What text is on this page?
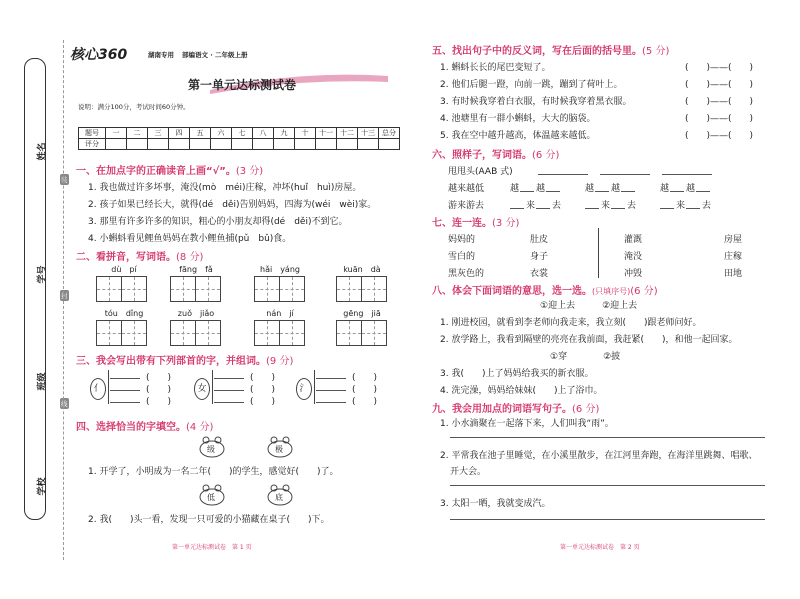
姓名
学号
班级
学校
装
封
线
核心360	湖南专用 部编语文 · 二年级上册
第一单元达标测试卷
说明：满分100分，考试时间60分钟。
题号	一	二	三	四	五	六	七	八	九	十	十一	十二	十三	总分
评分														
一、在加点字的正确读音上画“√”。(3 分)
1. 我也做过许多坏事，淹没(mò　méi)庄稼，冲坏(huǐ　huì)房屋。
2. 孩子如果已经长大，就得(dé　děi)告别妈妈，四海为(wéi　wèi)家。
3. 那里有许多许多的知识，粗心的小朋友却得(dé　děi)不到它。
4. 小蝌蚪看见鲤鱼妈妈在教小鲤鱼捕(pǔ　bǔ)食。
二、看拼音，写词语。(8 分)
dù　pí	fāng　fǎ	hǎi　yáng	kuān　dà
tóu　dǐng	zuǒ　jiǎo	nán　jí	gēng　jiā
三、我会写出带有下列部首的字，并组词。(9 分)
亻
(　　)
(　　)
(　　)
女
(　　)
(　　)
(　　)
氵
(　　)
(　　)
(　　)
四、选择恰当的字填空。(4 分)
级	极
1. 开学了，小明成为一名二年(　　)的学生，感觉好(　　)了。
低	底
2. 我(　　)头一看，发现一只可爱的小猫藏在桌子(　　)下。
第一单元达标测试卷　第 1 页
五、找出句子中的反义词，写在后面的括号里。(5 分)
1. 蝌蚪长长的尾巴变短了。	(　　)——(　　)
2. 他们后腿一蹬，向前一跳，蹦到了荷叶上。	(　　)——(　　)
3. 有时候我穿着白衣服，有时候我穿着黑衣服。	(　　)——(　　)
4. 池塘里有一群小蝌蚪，大大的脑袋。	(　　)——(　　)
5. 我在空中越升越高，体温越来越低。	(　　)——(　　)
六、照样子，写词语。(6 分)
甩甩头(AAB 式)
越来越低	越 越	越 越	越 越
游来游去	来 去	来 去	来 去
七、连一连。(3 分)
妈妈的
雪白的
黑灰色的
肚皮
身子
衣裳
灌溉
淹没
冲毁
房屋
庄稼
田地
八、体会下面词语的意思，选一选。(只填序号)(6 分)
①迎上去　　　②迎上去
1. 刚进校园，就看到李老师向我走来，我立刻(　　)跟老师问好。
2. 放学路上，我看到隔壁的亮亮在我前面，我赶紧(　　)，和他一起回家。
①穿　　　　②披
3. 我(　　)上了妈妈给我买的新衣服。
4. 洗完澡，妈妈给妹妹(　　)上了浴巾。
九、我会用加点的词语写句子。(6 分)
1. 小水滴聚在一起落下来，人们叫我“雨”。
2. 平常我在池子里睡觉，在小溪里散步，在江河里奔跑，在海洋里跳舞、唱歌、
开大会。
3. 太阳一晒，我就变成汽。
第一单元达标测试卷　第 2 页
